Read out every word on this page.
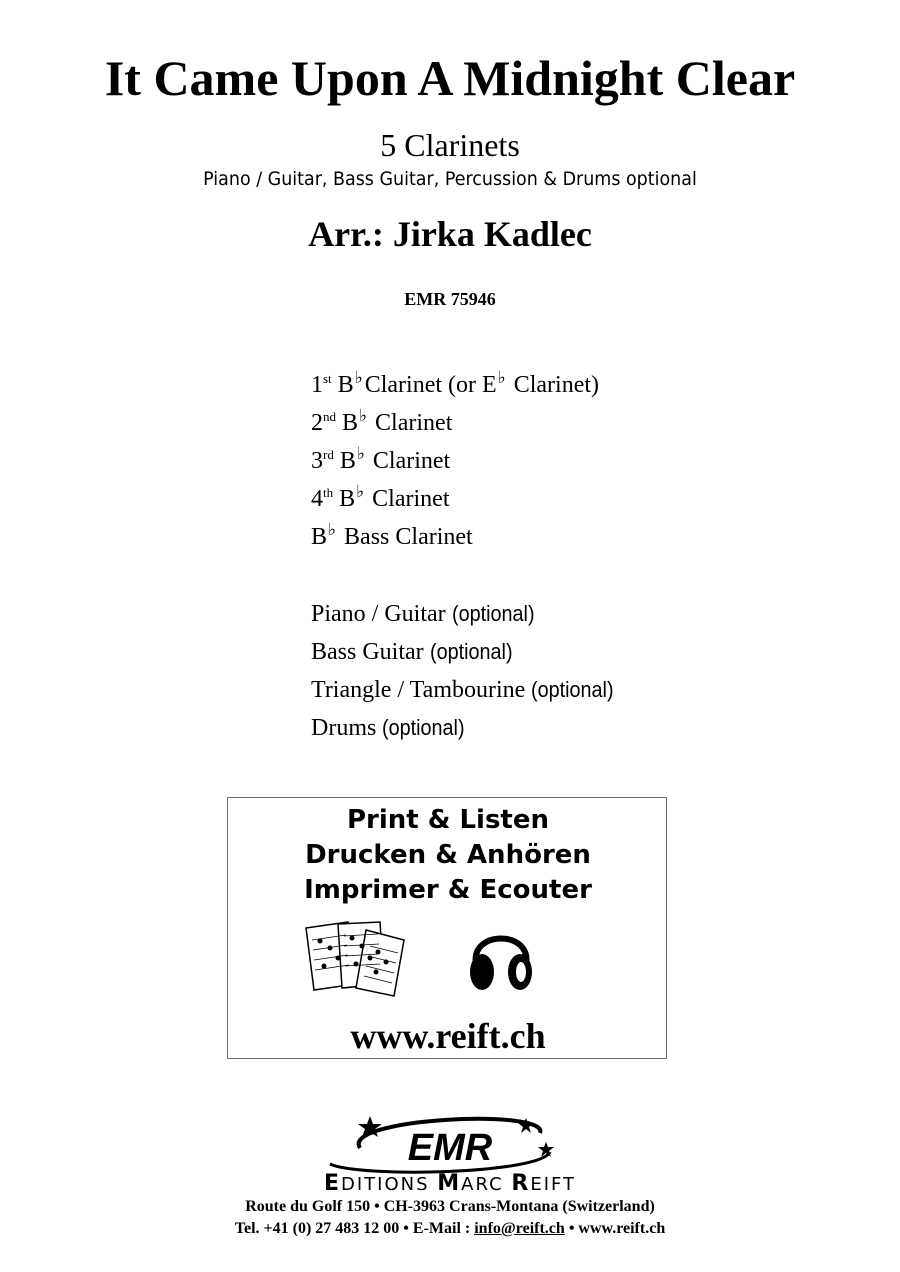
It Came Upon A Midnight Clear
5 Clarinets
Piano / Guitar, Bass Guitar, Percussion & Drums optional
Arr.: Jirka Kadlec
EMR 75946
1st B♭Clarinet (or E♭ Clarinet)
2nd B♭ Clarinet
3rd B♭ Clarinet
4th B♭ Clarinet
B♭ Bass Clarinet
Piano / Guitar (optional)
Bass Guitar (optional)
Triangle / Tambourine (optional)
Drums (optional)
Print & Listen
Drucken & Anhören
Imprimer & Ecouter
www.reift.ch
EMR
EDITIONS MARC REIFT
Route du Golf 150 • CH-3963 Crans-Montana (Switzerland)
Tel. +41 (0) 27 483 12 00 • E-Mail : info@reift.ch • www.reift.ch
